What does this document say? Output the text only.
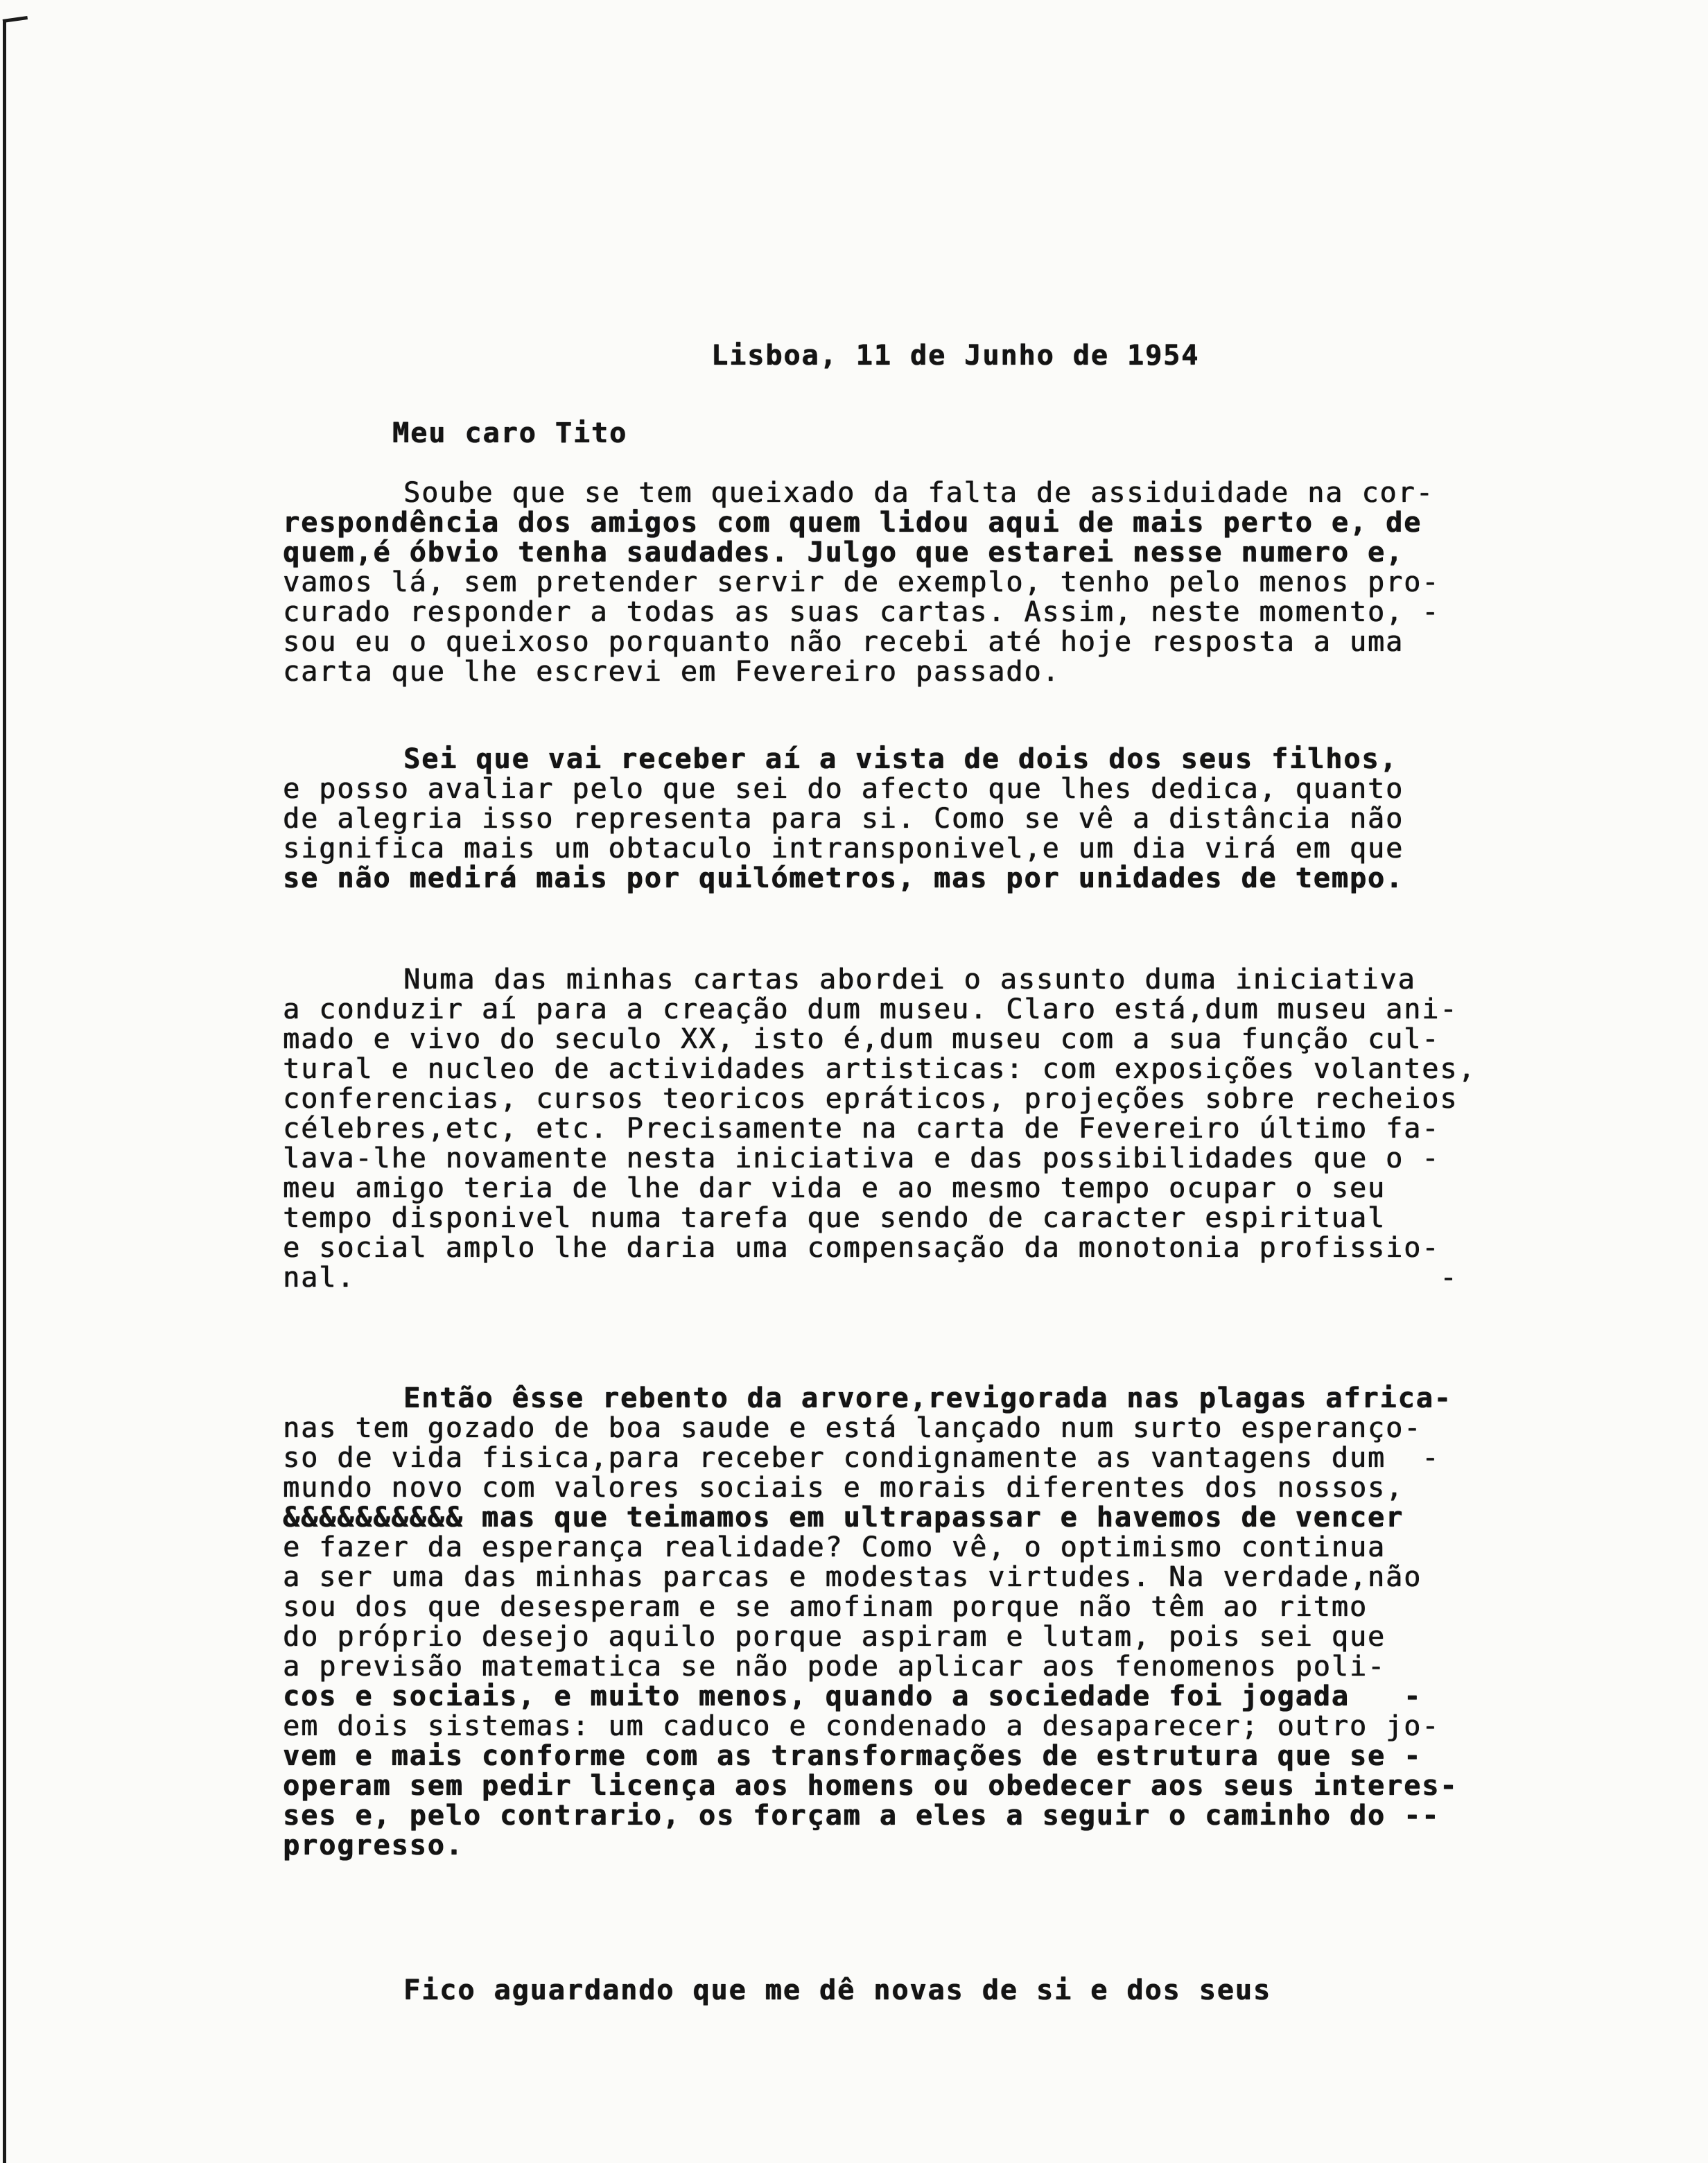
Lisboa, 11 de Junho de 1954
Meu caro Tito
Soube que se tem queixado da falta de assiduidade na cor-
respondência dos amigos com quem lidou aqui de mais perto e, de
quem,é óbvio tenha saudades. Julgo que estarei nesse numero e,
vamos lá, sem pretender servir de exemplo, tenho pelo menos pro-
curado responder a todas as suas cartas. Assim, neste momento, -
sou eu o queixoso porquanto não recebi até hoje resposta a uma
carta que lhe escrevi em Fevereiro passado.
Sei que vai receber aí a vista de dois dos seus filhos,
e posso avaliar pelo que sei do afecto que lhes dedica, quanto
de alegria isso representa para si. Como se vê a distância não
significa mais um obtaculo intransponivel,e um dia virá em que
se não medirá mais por quilómetros, mas por unidades de tempo.
Numa das minhas cartas abordei o assunto duma iniciativa
a conduzir aí para a creação dum museu. Claro está,dum museu ani-
mado e vivo do seculo XX, isto é,dum museu com a sua função cul-
tural e nucleo de actividades artisticas: com exposições volantes,
conferencias, cursos teoricos epráticos, projeções sobre recheios
célebres,etc, etc. Precisamente na carta de Fevereiro último fa-
lava-lhe novamente nesta iniciativa e das possibilidades que o -
meu amigo teria de lhe dar vida e ao mesmo tempo ocupar o seu
tempo disponivel numa tarefa que sendo de caracter espiritual
e social amplo lhe daria uma compensação da monotonia profissio-
nal.                                                            -
Então êsse rebento da arvore,revigorada nas plagas africa-
nas tem gozado de boa saude e está lançado num surto esperanço-
so de vida fisica,para receber condignamente as vantagens dum  -
mundo novo com valores sociais e morais diferentes dos nossos,
&&&&&&&&&& mas que teimamos em ultrapassar e havemos de vencer
e fazer da esperança realidade? Como vê, o optimismo continua
a ser uma das minhas parcas e modestas virtudes. Na verdade,não
sou dos que desesperam e se amofinam porque não têm ao ritmo
do próprio desejo aquilo porque aspiram e lutam, pois sei que
a previsão matematica se não pode aplicar aos fenomenos poli-
cos e sociais, e muito menos, quando a sociedade foi jogada   -
em dois sistemas: um caduco e condenado a desaparecer; outro jo-
vem e mais conforme com as transformações de estrutura que se -
operam sem pedir licença aos homens ou obedecer aos seus interes-
ses e, pelo contrario, os forçam a eles a seguir o caminho do --
progresso.
Fico aguardando que me dê novas de si e dos seus
